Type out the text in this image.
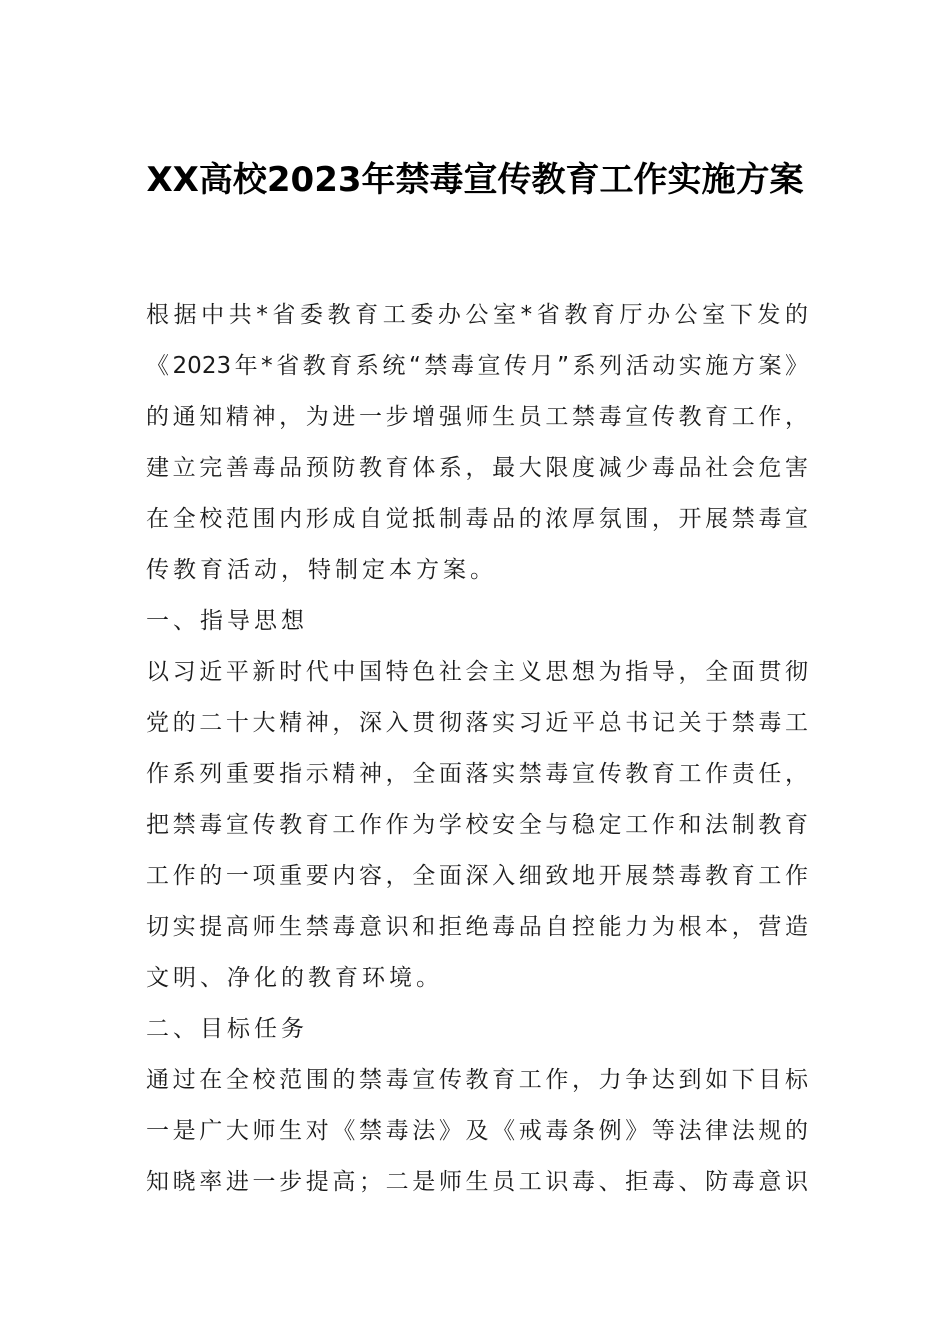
XX高校2023年禁毒宣传教育工作实施方案
根据中共*省委教育工委办公室*省教育厅办公室下发的
《2023年*省教育系统“禁毒宣传月”系列活动实施方案》
的通知精神，为进一步增强师生员工禁毒宣传教育工作，
建立完善毒品预防教育体系，最大限度减少毒品社会危害
在全校范围内形成自觉抵制毒品的浓厚氛围，开展禁毒宣
传教育活动，特制定本方案。
一、指导思想
以习近平新时代中国特色社会主义思想为指导，全面贯彻
党的二十大精神，深入贯彻落实习近平总书记关于禁毒工
作系列重要指示精神，全面落实禁毒宣传教育工作责任，
把禁毒宣传教育工作作为学校安全与稳定工作和法制教育
工作的一项重要内容，全面深入细致地开展禁毒教育工作
切实提高师生禁毒意识和拒绝毒品自控能力为根本，营造
文明、净化的教育环境。
二、目标任务
通过在全校范围的禁毒宣传教育工作，力争达到如下目标
一是广大师生对《禁毒法》及《戒毒条例》等法律法规的
知晓率进一步提高；二是师生员工识毒、拒毒、防毒意识
